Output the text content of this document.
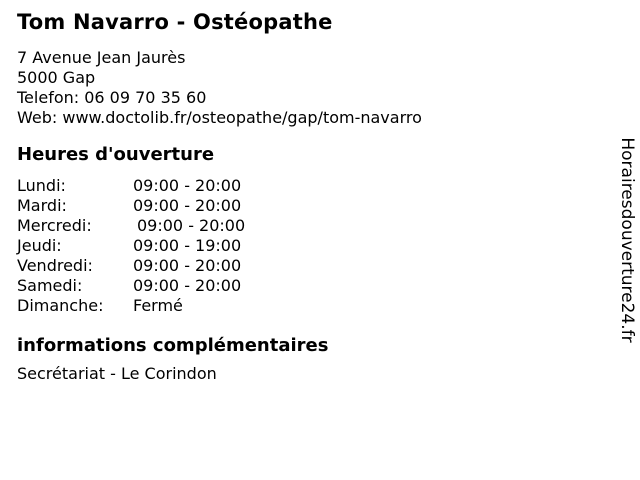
Tom Navarro - Ostéopathe
7 Avenue Jean Jaurès
5000 Gap
Telefon: 06 09 70 35 60
Web: www.doctolib.fr/osteopathe/gap/tom-navarro
Heures d'ouverture
Lundi:	09:00 - 20:00
Mardi:	09:00 - 20:00
Mercredi:	09:00 - 20:00
Jeudi:	09:00 - 19:00
Vendredi:	09:00 - 20:00
Samedi:	09:00 - 20:00
Dimanche:	Fermé
informations complémentaires
Secrétariat - Le Corindon
Horairesdouverture24.fr
